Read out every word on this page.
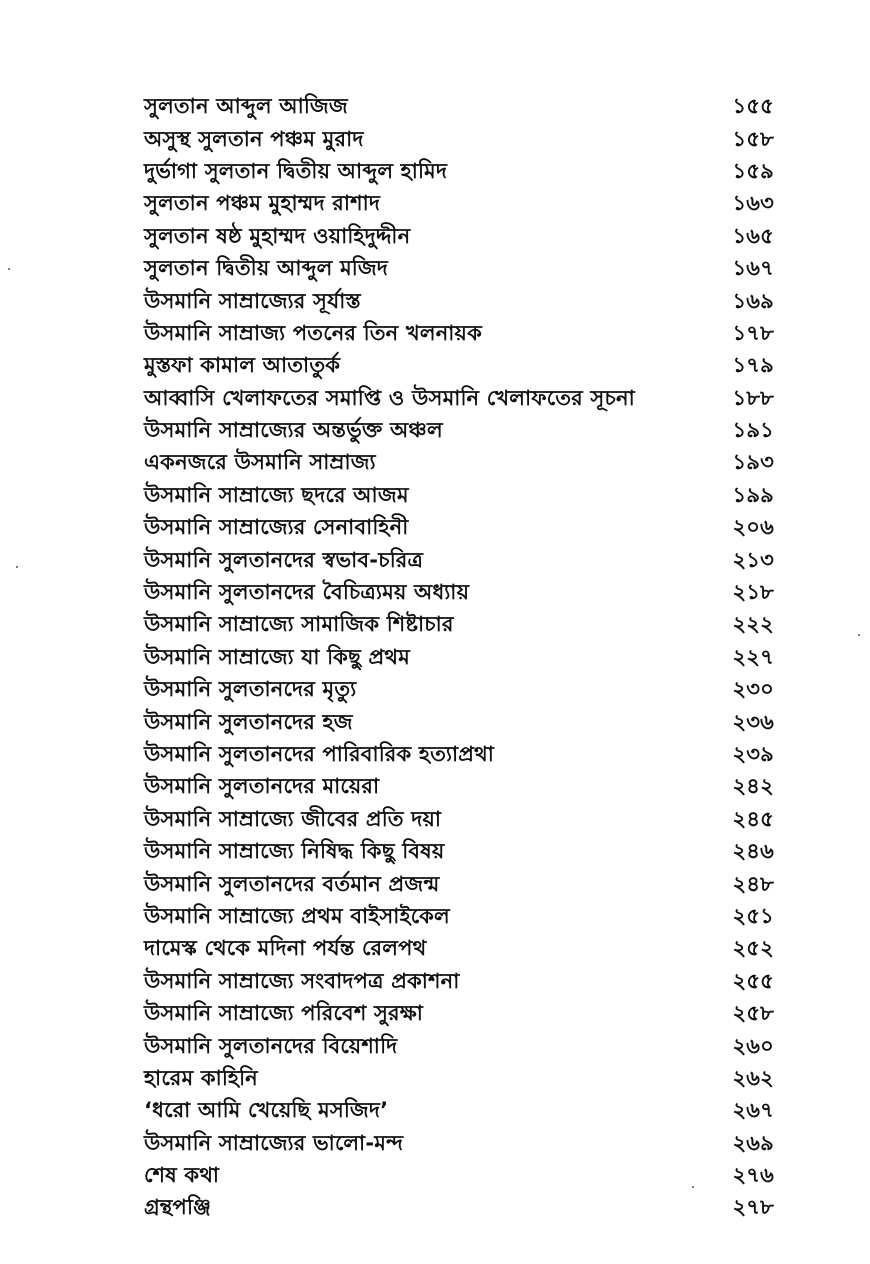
সুলতান আব্দুল আজিজ	১৫৫
অসুস্থ সুলতান পঞ্চম মুরাদ	১৫৮
দুর্ভাগা সুলতান দ্বিতীয় আব্দুল হামিদ	১৫৯
সুলতান পঞ্চম মুহাম্মদ রাশাদ	১৬৩
সুলতান ষষ্ঠ মুহাম্মদ ওয়াহিদুদ্দীন	১৬৫
সুলতান দ্বিতীয় আব্দুল মজিদ	১৬৭
উসমানি সাম্রাজ্যের সূর্যাস্ত	১৬৯
উসমানি সাম্রাজ্য পতনের তিন খলনায়ক	১৭৮
মুস্তফা কামাল আতাতুর্ক	১৭৯
আব্বাসি খেলাফতের সমাপ্তি ও উসমানি খেলাফতের সূচনা	১৮৮
উসমানি সাম্রাজ্যের অন্তর্ভুক্ত অঞ্চল	১৯১
একনজরে উসমানি সাম্রাজ্য	১৯৩
উসমানি সাম্রাজ্যে ছদরে আজম	১৯৯
উসমানি সাম্রাজ্যের সেনাবাহিনী	২০৬
উসমানি সুলতানদের স্বভাব-চরিত্র	২১৩
উসমানি সুলতানদের বৈচিত্র্যময় অধ্যায়	২১৮
উসমানি সাম্রাজ্যে সামাজিক শিষ্টাচার	২২২
উসমানি সাম্রাজ্যে যা কিছু প্রথম	২২৭
উসমানি সুলতানদের মৃত্যু	২৩০
উসমানি সুলতানদের হজ	২৩৬
উসমানি সুলতানদের পারিবারিক হত্যাপ্রথা	২৩৯
উসমানি সুলতানদের মায়েরা	২৪২
উসমানি সাম্রাজ্যে জীবের প্রতি দয়া	২৪৫
উসমানি সাম্রাজ্যে নিষিদ্ধ কিছু বিষয়	২৪৬
উসমানি সুলতানদের বর্তমান প্রজন্ম	২৪৮
উসমানি সাম্রাজ্যে প্রথম বাইসাইকেল	২৫১
দামেস্ক থেকে মদিনা পর্যন্ত রেলপথ	২৫২
উসমানি সাম্রাজ্যে সংবাদপত্র প্রকাশনা	২৫৫
উসমানি সাম্রাজ্যে পরিবেশ সুরক্ষা	২৫৮
উসমানি সুলতানদের বিয়েশাদি	২৬০
হারেম কাহিনি	২৬২
‘ধরো আমি খেয়েছি মসজিদ’	২৬৭
উসমানি সাম্রাজ্যের ভালো-মন্দ	২৬৯
শেষ কথা	২৭৬
গ্রন্থপঞ্জি	২৭৮
